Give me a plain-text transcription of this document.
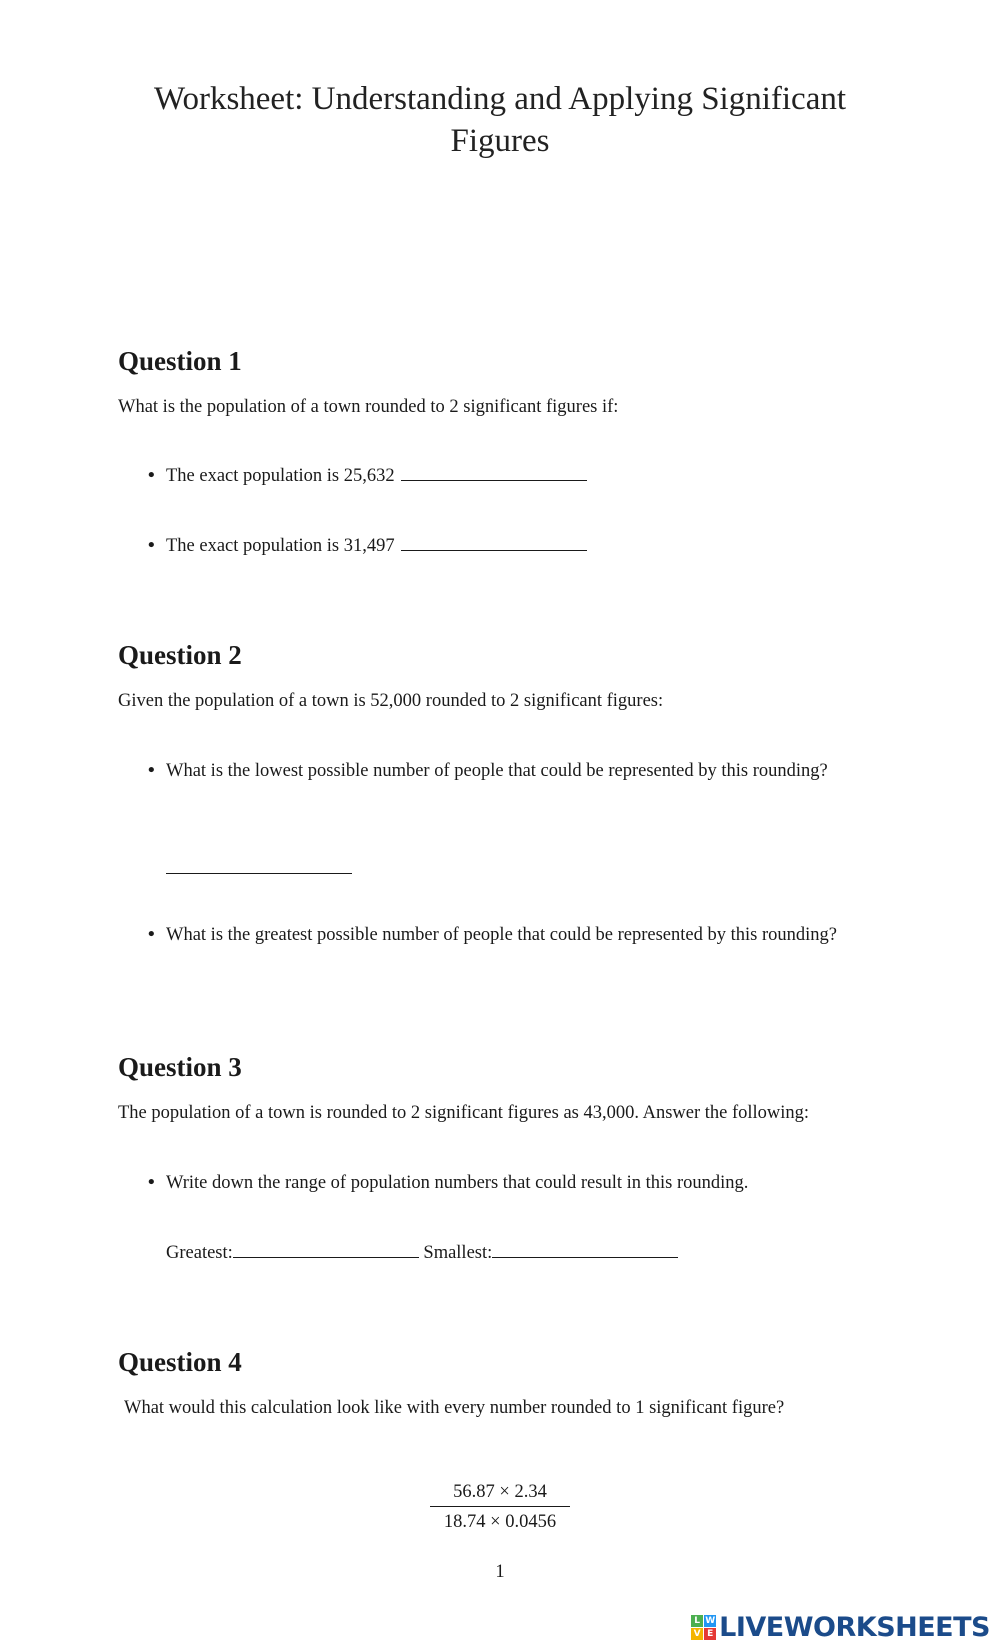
Worksheet: Understanding and Applying Significant Figures
Question 1
What is the population of a town rounded to 2 significant figures if:
• The exact population is 25,632
• The exact population is 31,497
Question 2
Given the population of a town is 52,000 rounded to 2 significant figures:
• What is the lowest possible number of people that could be represented by this rounding?
• What is the greatest possible number of people that could be represented by this rounding?
Question 3
The population of a town is rounded to 2 significant figures as 43,000. Answer the following:
• Write down the range of population numbers that could result in this rounding.
Greatest:	Smallest:
Question 4
What would this calculation look like with every number rounded to 1 significant figure?
56.87 × 2.34
18.74 × 0.0456
1
L W
V E LIVEWORKSHEETS
